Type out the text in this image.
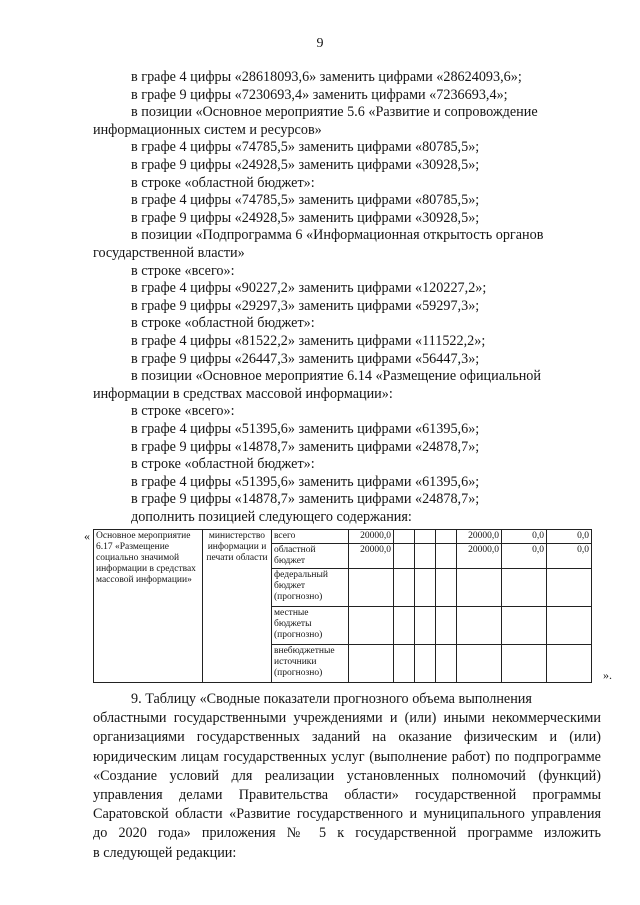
9
в графе 4 цифры «28618093,6» заменить цифрами «28624093,6»;
в графе 9 цифры «7230693,4» заменить цифрами «7236693,4»;
в позиции «Основное мероприятие 5.6 «Развитие и сопровождение
информационных систем и ресурсов»
в графе 4 цифры «74785,5» заменить цифрами «80785,5»;
в графе 9 цифры «24928,5» заменить цифрами «30928,5»;
в строке «областной бюджет»:
в графе 4 цифры «74785,5» заменить цифрами «80785,5»;
в графе 9 цифры «24928,5» заменить цифрами «30928,5»;
в позиции «Подпрограмма 6 «Информационная открытость органов
государственной власти»
в строке «всего»:
в графе 4 цифры «90227,2» заменить цифрами «120227,2»;
в графе 9 цифры «29297,3» заменить цифрами «59297,3»;
в строке «областной бюджет»:
в графе 4 цифры «81522,2» заменить цифрами «111522,2»;
в графе 9 цифры «26447,3» заменить цифрами «56447,3»;
в позиции «Основное мероприятие 6.14 «Размещение официальной
информации в средствах массовой информации»:
в строке «всего»:
в графе 4 цифры «51395,6» заменить цифрами «61395,6»;
в графе 9 цифры «14878,7» заменить цифрами «24878,7»;
в строке «областной бюджет»:
в графе 4 цифры «51395,6» заменить цифрами «61395,6»;
в графе 9 цифры «14878,7» заменить цифрами «24878,7»;
дополнить позицией следующего содержания:
« Основное мероприятие 6.17 «Размещение социально значимой информации в средствах массовой информации»	министерство информации и печати области	всего	20000,0				20000,0	0,0	0,0
		областной бюджет	20000,0				20000,0	0,0	0,0
		федеральный бюджет (прогнозно)							
		местные бюджеты (прогнозно)							
		внебюджетные источники (прогнозно)								».
9. Таблицу «Сводные показатели прогнозного объема выполнения
областными государственными учреждениями и (или) иными некоммерческими
организациями государственных заданий на оказание физическим и (или)
юридическим лицам государственных услуг (выполнение работ) по подпрограмме
«Создание условий для реализации установленных полномочий (функций)
управления делами Правительства области» государственной программы
Саратовской области «Развитие государственного и муниципального управления
до 2020 года» приложения № 5 к государственной программе изложить
в следующей редакции:
